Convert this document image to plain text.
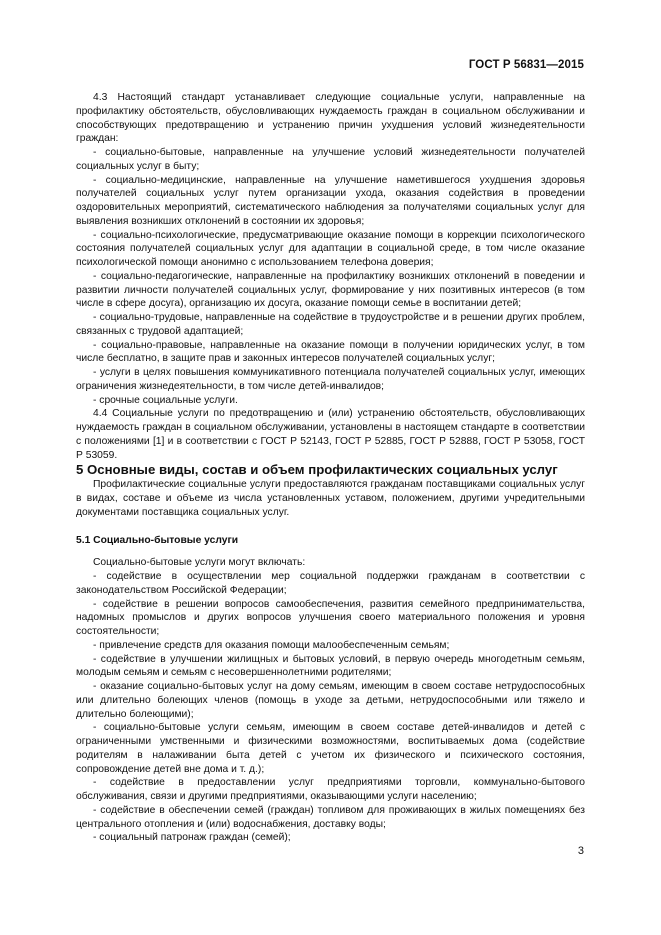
ГОСТ Р 56831—2015

4.3 Настоящий стандарт устанавливает следующие социальные услуги, направленные на профилактику обстоятельств, обусловливающих нуждаемость граждан в социальном обслуживании и способствующих предотвращению и устранению причин ухудшения условий жизнедеятельности граждан:

- социально-бытовые, направленные на улучшение условий жизнедеятельности получателей социальных услуг в быту;

- социально-медицинские, направленные на улучшение наметившегося ухудшения здоровья получателей социальных услуг путем организации ухода, оказания содействия в проведении оздоровительных мероприятий, систематического наблюдения за получателями социальных услуг для выявления возникших отклонений в состоянии их здоровья;

- социально-психологические, предусматривающие оказание помощи в коррекции психологического состояния получателей социальных услуг для адаптации в социальной среде, в том числе оказание психологической помощи анонимно с использованием телефона доверия;

- социально-педагогические, направленные на профилактику возникших отклонений в поведении и развитии личности получателей социальных услуг, формирование у них позитивных интересов (в том числе в сфере досуга), организацию их досуга, оказание помощи семье в воспитании детей;

- социально-трудовые, направленные на содействие в трудоустройстве и в решении других проблем, связанных с трудовой адаптацией;

- социально-правовые, направленные на оказание помощи в получении юридических услуг, в том числе бесплатно, в защите прав и законных интересов получателей социальных услуг;

- услуги в целях повышения коммуникативного потенциала получателей социальных услуг, имеющих ограничения жизнедеятельности, в том числе детей-инвалидов;

- срочные социальные услуги.

4.4 Социальные услуги по предотвращению и (или) устранению обстоятельств, обусловливающих нуждаемость граждан в социальном обслуживании, установлены в настоящем стандарте в соответствии с положениями [1] и в соответствии с ГОСТ Р 52143, ГОСТ Р 52885, ГОСТ Р 52888, ГОСТ Р 53058, ГОСТ Р 53059.

5 Основные виды, состав и объем профилактических социальных услуг

Профилактические социальные услуги предоставляются гражданам поставщиками социальных услуг в видах, составе и объеме из числа установленных уставом, положением, другими учредительными документами поставщика социальных услуг.

5.1 Социально-бытовые услуги

Социально-бытовые услуги могут включать:

- содействие в осуществлении мер социальной поддержки гражданам в соответствии с законодательством Российской Федерации;

- содействие в решении вопросов самообеспечения, развития семейного предпринимательства, надомных промыслов и других вопросов улучшения своего материального положения и уровня состоятельности;

- привлечение средств для оказания помощи малообеспеченным семьям;

- содействие в улучшении жилищных и бытовых условий, в первую очередь многодетным семьям, молодым семьям и семьям с несовершеннолетними родителями;

- оказание социально-бытовых услуг на дому семьям, имеющим в своем составе нетрудоспособных или длительно болеющих членов (помощь в уходе за детьми, нетрудоспособными или тяжело и длительно болеющими);

- социально-бытовые услуги семьям, имеющим в своем составе детей-инвалидов и детей с ограниченными умственными и физическими возможностями, воспитываемых дома (содействие родителям в налаживании быта детей с учетом их физического и психического состояния, сопровождение детей вне дома и т. д.);

- содействие в предоставлении услуг предприятиями торговли, коммунально-бытового обслуживания, связи и другими предприятиями, оказывающими услуги населению;

- содействие в обеспечении семей (граждан) топливом для проживающих в жилых помещениях без центрального отопления и (или) водоснабжения, доставку воды;

- социальный патронаж граждан (семей);

3
